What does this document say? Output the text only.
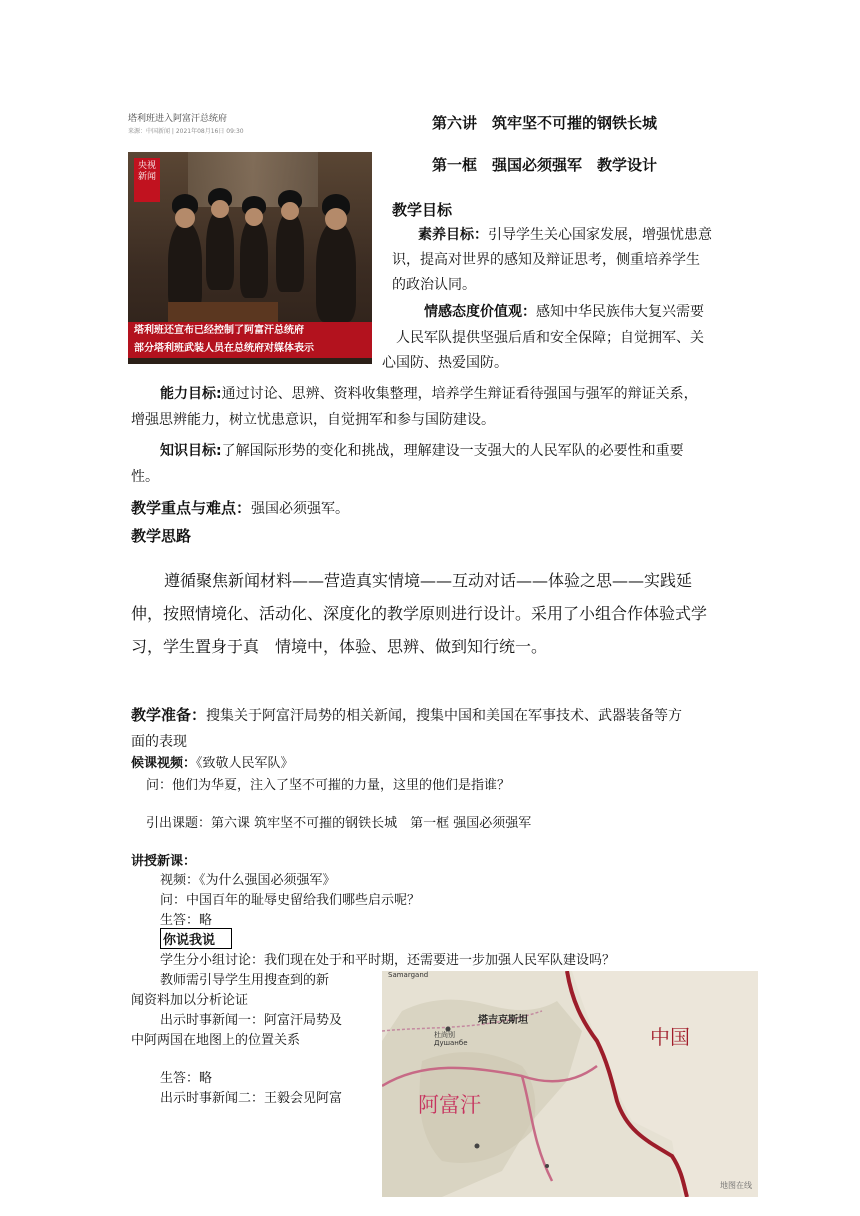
塔利班进入阿富汗总统府
来源：中国新闻 | 2021年08月16日 09:30
央视
新闻
塔利班还宣布已经控制了阿富汗总统府
部分塔利班武装人员在总统府对媒体表示
第六讲　筑牢坚不可摧的钢铁长城
第一框　强国必须强军　教学设计
教学目标
素养目标：引导学生关心国家发展，增强忧患意
识，提高对世界的感知及辩证思考，侧重培养学生
的政治认同。
情感态度价值观：感知中华民族伟大复兴需要
人民军队提供坚强后盾和安全保障；自觉拥军、关
心国防、热爱国防。
能力目标:通过讨论、思辨、资料收集整理，培养学生辩证看待强国与强军的辩证关系，
增强思辨能力，树立忧患意识，自觉拥军和参与国防建设。
知识目标:了解国际形势的变化和挑战，理解建设一支强大的人民军队的必要性和重要
性。
教学重点与难点：强国必须强军。
教学思路
遵循聚焦新闻材料——营造真实情境——互动对话——体验之思——实践延
伸，按照情境化、活动化、深度化的教学原则进行设计。采用了小组合作体验式学
习，学生置身于真　情境中，体验、思辨、做到知行统一。
教学准备：搜集关于阿富汗局势的相关新闻，搜集中国和美国在军事技术、武器装备等方
面的表现
候课视频：《致敬人民军队》
问：他们为华夏，注入了坚不可摧的力量，这里的他们是指谁？
引出课题：第六课 筑牢坚不可摧的钢铁长城　第一框 强国必须强军
讲授新课：
视频：《为什么强国必须强军》
问：中国百年的耻辱史留给我们哪些启示呢？
生答：略
你说我说
学生分小组讨论：我们现在处于和平时期，还需要进一步加强人民军队建设吗？
教师需引导学生用搜查到的新
闻资料加以分析论证
出示时事新闻一：阿富汗局势及
中阿两国在地图上的位置关系
生答：略
出示时事新闻二：王毅会见阿富
Samargand
杜尚别
Душанбе
塔吉克斯坦
中国
阿富汗
地图在线
